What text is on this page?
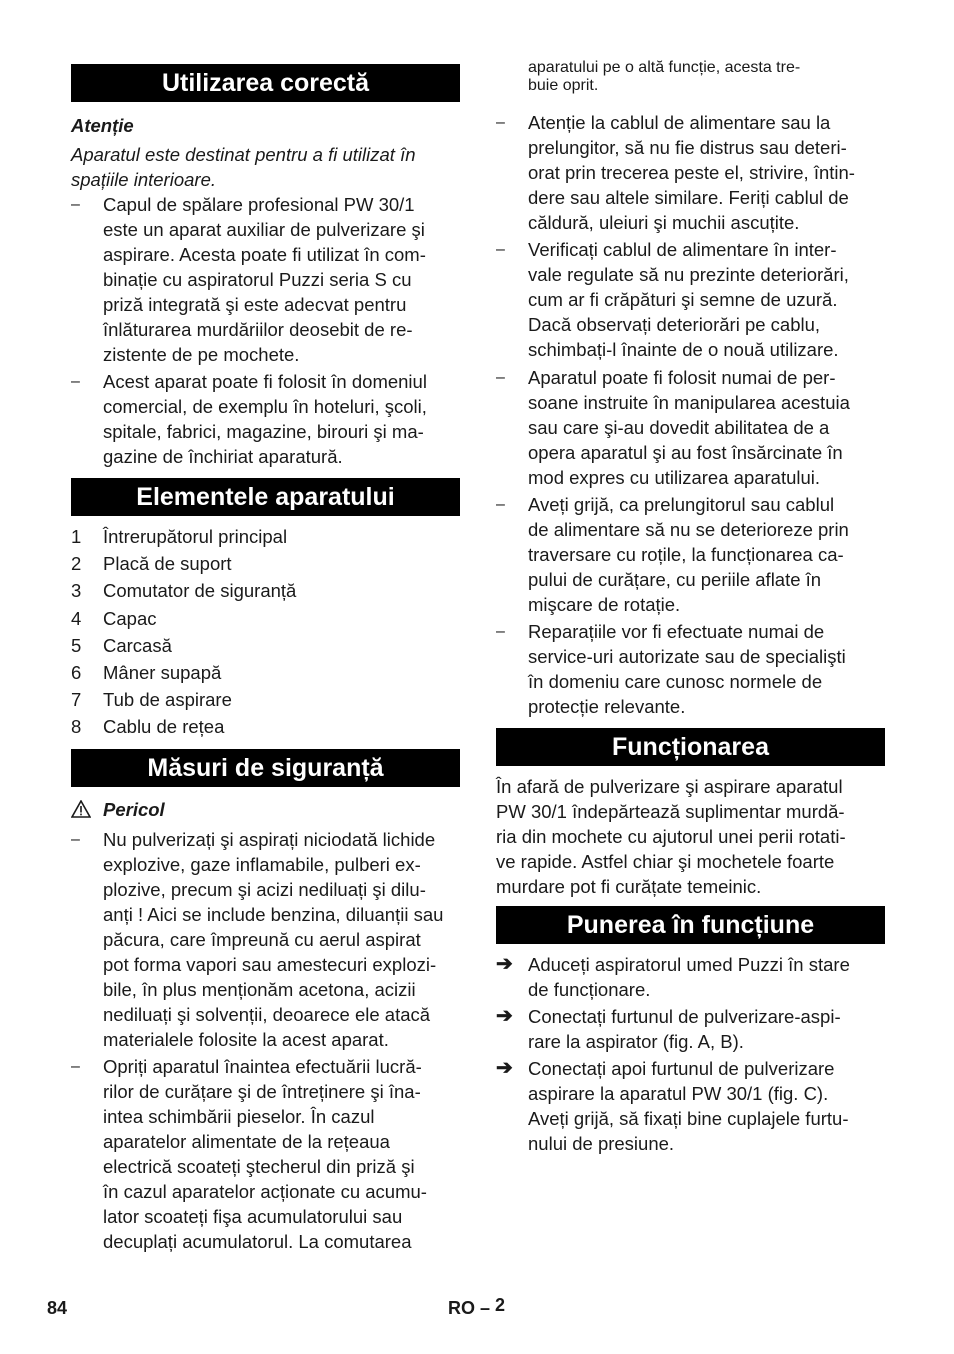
Utilizarea corectă
Atenție
Aparatul este destinat pentru a fi utilizat în
spațiile interioare.
–	Capul de spălare profesional PW 30/1
este un aparat auxiliar de pulverizare şi
aspirare. Acesta poate fi utilizat în com-
binație cu aspiratorul Puzzi seria S cu
priză integrată şi este adecvat pentru
înlăturarea murdăriilor deosebit de re-
zistente de pe mochete.
–	Acest aparat poate fi folosit în domeniul
comercial, de exemplu în hoteluri, şcoli,
spitale, fabrici, magazine, birouri şi ma-
gazine de închiriat aparatură.
Elementele aparatului
1	Întrerupătorul principal
2	Placă de suport
3	Comutator de siguranță
4	Capac
5	Carcasă
6	Mâner supapă
7	Tub de aspirare
8	Cablu de rețea
Măsuri de siguranță
Pericol
–	Nu pulverizați şi aspirați niciodată lichide
explozive, gaze inflamabile, pulberi ex-
plozive, precum şi acizi nediluați şi dilu-
anți ! Aici se include benzina, diluanții sau
păcura, care împreună cu aerul aspirat
pot forma vapori sau amestecuri explozi-
bile, în plus menționăm acetona, acizii
nediluați şi solvenții, deoarece ele atacă
materialele folosite la acest aparat.
–	Opriți aparatul înaintea efectuării lucră-
rilor de curățare şi de întreținere şi îna-
intea schimbării pieselor. În cazul
aparatelor alimentate de la rețeaua
electrică scoateți ştecherul din priză şi
în cazul aparatelor acționate cu acumu-
lator scoateți fişa acumulatorului sau
decuplați acumulatorul. La comutarea
aparatului pe o altă funcție, acesta tre-
buie oprit.
–	Atenție la cablul de alimentare sau la
prelungitor, să nu fie distrus sau deteri-
orat prin trecerea peste el, strivire, întin-
dere sau altele similare. Feriți cablul de
căldură, uleiuri şi muchii ascuțite.
–	Verificați cablul de alimentare în inter-
vale regulate să nu prezinte deteriorări,
cum ar fi crăpături şi semne de uzură.
Dacă observați deteriorări pe cablu,
schimbați-l înainte de o nouă utilizare.
–	Aparatul poate fi folosit numai de per-
soane instruite în manipularea acestuia
sau care şi-au dovedit abilitatea de a
opera aparatul şi au fost însărcinate în
mod expres cu utilizarea aparatului.
–	Aveți grijă, ca prelungitorul sau cablul
de alimentare să nu se deterioreze prin
traversare cu roțile, la funcționarea ca-
pului de curățare, cu periile aflate în
mişcare de rotație.
–	Reparațiile vor fi efectuate numai de
service-uri autorizate sau de specialişti
în domeniu care cunosc normele de
protecție relevante.
Funcționarea
În afară de pulverizare şi aspirare aparatul
PW 30/1 îndepărtează suplimentar murdă-
ria din mochete cu ajutorul unei perii rotati-
ve rapide. Astfel chiar şi mochetele foarte
murdare pot fi curățate temeinic.
Punerea în funcțiune
➔ Aduceți aspiratorul umed Puzzi în stare
de funcționare.
➔ Conectați furtunul de pulverizare-aspi-
rare la aspirator (fig. A, B).
➔ Conectați apoi furtunul de pulverizare
aspirare la aparatul PW 30/1 (fig. C).
Aveți grijă, să fixați bine cuplajele furtu-
nului de presiune.
84	RO – 2
